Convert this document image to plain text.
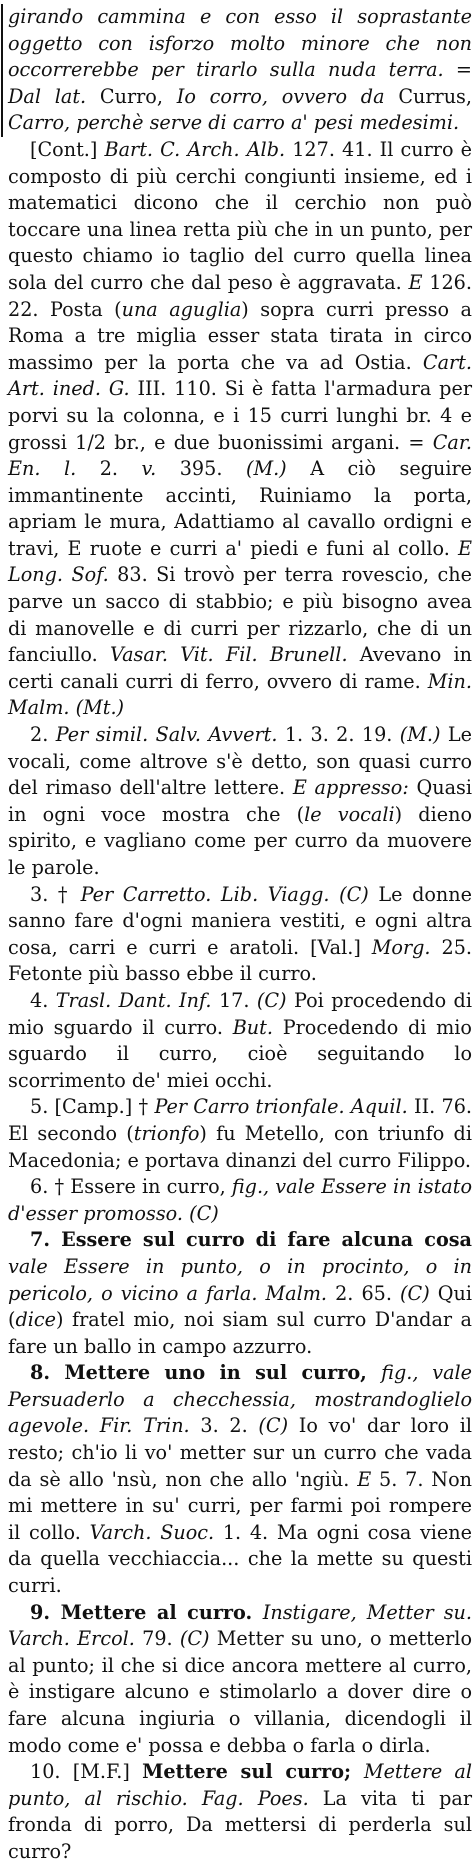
girando cammina e con esso il soprastante oggetto con isforzo molto minore che non occorrerebbe per tirarlo sulla nuda terra. = Dal lat. Curro, Io corro, ovvero da Currus, Carro, perchè serve di carro a' pesi medesimi.

[Cont.] Bart. C. Arch. Alb. 127. 41. Il curro è composto di più cerchi congiunti insieme, ed i matematici dicono che il cerchio non può toccare una linea retta più che in un punto, per questo chiamo io taglio del curro quella linea sola del curro che dal peso è aggravata. E 126. 22. Posta (una aguglia) sopra curri presso a Roma a tre miglia esser stata tirata in circo massimo per la porta che va ad Ostia. Cart. Art. ined. G. III. 110. Si è fatta l'armadura per porvi su la colonna, e i 15 curri lunghi br. 4 e grossi 1/2 br., e due buonissimi argani. = Car. En. l. 2. v. 395. (M.) A ciò seguire immantinente accinti, Ruiniamo la porta, apriam le mura, Adattiamo al cavallo ordigni e travi, E ruote e curri a' piedi e funi al collo. E Long. Sof. 83. Si trovò per terra rovescio, che parve un sacco di stabbio; e più bisogno avea di manovelle e di curri per rizzarlo, che di un fanciullo. Vasar. Vit. Fil. Brunell. Avevano in certi canali curri di ferro, ovvero di rame. Min. Malm. (Mt.)

2. Per simil. Salv. Avvert. 1. 3. 2. 19. (M.) Le vocali, come altrove s'è detto, son quasi curro del rimaso dell'altre lettere. E appresso: Quasi in ogni voce mostra che (le vocali) dieno spirito, e vagliano come per curro da muovere le parole.

3. † Per Carretto. Lib. Viagg. (C) Le donne sanno fare d'ogni maniera vestiti, e ogni altra cosa, carri e curri e aratoli. [Val.] Morg. 25. Fetonte più basso ebbe il curro.

4. Trasl. Dant. Inf. 17. (C) Poi procedendo di mio sguardo il curro. But. Procedendo di mio sguardo il curro, cioè seguitando lo scorrimento de' miei occhi.

5. [Camp.] † Per Carro trionfale. Aquil. II. 76. El secondo (trionfo) fu Metello, con triunfo di Macedonia; e portava dinanzi del curro Filippo.

6. † Essere in curro, fig., vale Essere in istato d'esser promosso. (C)

7. Essere sul curro di fare alcuna cosa vale Essere in punto, o in procinto, o in pericolo, o vicino a farla. Malm. 2. 65. (C) Qui (dice) fratel mio, noi siam sul curro D'andar a fare un ballo in campo azzurro.

8. Mettere uno in sul curro, fig., vale Persuaderlo a checchessia, mostrandoglielo agevole. Fir. Trin. 3. 2. (C) Io vo' dar loro il resto; ch'io li vo' metter sur un curro che vada da sè allo 'nsù, non che allo 'ngiù. E 5. 7. Non mi mettere in su' curri, per farmi poi rompere il collo. Varch. Suoc. 1. 4. Ma ogni cosa viene da quella vecchiaccia... che la mette su questi curri.

9. Mettere al curro. Instigare, Metter su. Varch. Ercol. 79. (C) Metter su uno, o metterlo al punto; il che si dice ancora mettere al curro, è instigare alcuno e stimolarlo a dover dire o fare alcuna ingiuria o villania, dicendogli il modo come e' possa e debba o farla o dirla.

10. [M.F.] Mettere sul curro; Mettere al punto, al rischio. Fag. Poes. La vita ti par fronda di porro, Da mettersi di perderla sul curro?
